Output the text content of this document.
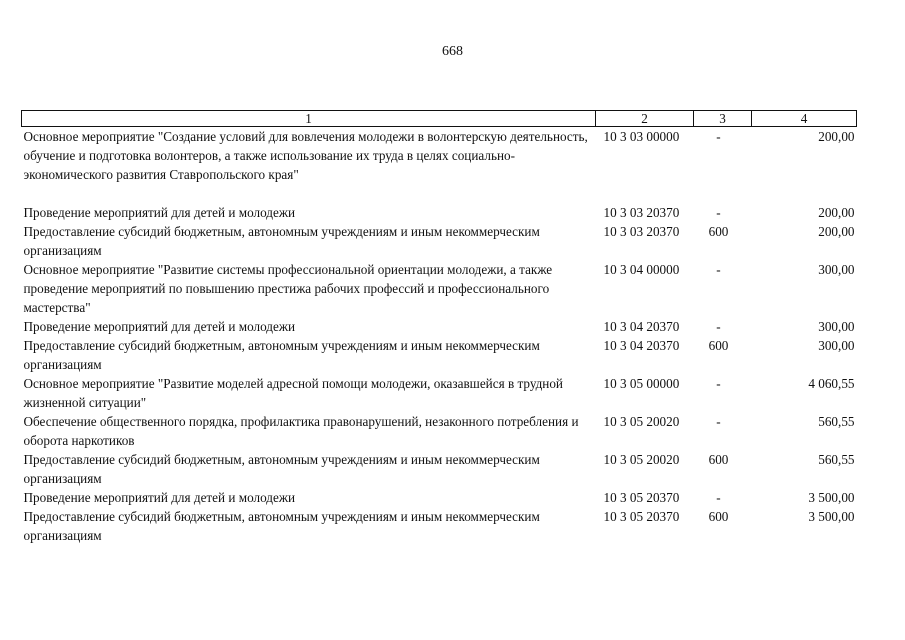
668
1	2	3	4
Основное мероприятие "Создание условий для вовлечения молодежи в волонтерскую деятельность, обучение и подготовка волонтеров, а также использование их труда в целях социально-экономического развития Ставропольского края"	10 3 03 00000	-	200,00

Проведение мероприятий для детей и молодежи	10 3 03 20370	-	200,00
Предоставление субсидий бюджетным, автономным учреждениям и иным некоммерческим организациям	10 3 03 20370	600	200,00
Основное мероприятие "Развитие системы профессиональной ориентации молодежи, а также проведение мероприятий по повышению престижа рабочих профессий и профессионального мастерства"	10 3 04 00000	-	300,00
Проведение мероприятий для детей и молодежи	10 3 04 20370	-	300,00
Предоставление субсидий бюджетным, автономным учреждениям и иным некоммерческим организациям	10 3 04 20370	600	300,00
Основное мероприятие "Развитие моделей адресной помощи молодежи, оказавшейся в трудной жизненной ситуации"	10 3 05 00000	-	4 060,55
Обеспечение общественного порядка, профилактика правонарушений, незаконного потребления и оборота наркотиков	10 3 05 20020	-	560,55
Предоставление субсидий бюджетным, автономным учреждениям и иным некоммерческим организациям	10 3 05 20020	600	560,55
Проведение мероприятий для детей и молодежи	10 3 05 20370	-	3 500,00
Предоставление субсидий бюджетным, автономным учреждениям и иным некоммерческим организациям	10 3 05 20370	600	3 500,00
